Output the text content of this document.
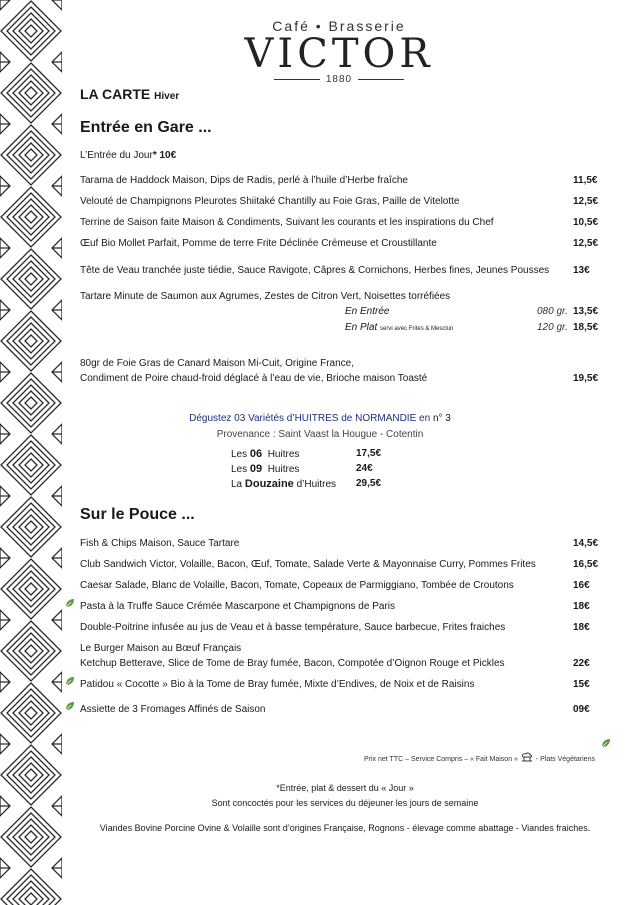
Café • Brasserie
VICTOR
1880
LA CARTE Hiver
Entrée en Gare ...
L’Entrée du Jour* 10€
Tarama de Haddock Maison, Dips de Radis, perlé à l’huile d’Herbe fraîche	11,5€
Velouté de Champignons Pleurotes Shiitaké Chantilly au Foie Gras, Paille de Vitelotte	12,5€
Terrine de Saison faite Maison & Condiments, Suivant les courants et les inspirations du Chef	10,5€
Œuf Bio Mollet Parfait, Pomme de terre Frite Déclinée Crémeuse et Croustillante	12,5€
Tête de Veau tranchée juste tiédie, Sauce Ravigote, Câpres & Cornichons, Herbes fines, Jeunes Pousses 13€
Tartare Minute de Saumon aux Agrumes, Zestes de Citron Vert, Noisettes torréfiées
En Entrée	080 gr. 13,5€
En Plat servi avec Frites & Mesclun	120 gr. 18,5€
80gr de Foie Gras de Canard Maison Mi-Cuit, Origine France,
Condiment de Poire chaud-froid déglacé à l’eau de vie, Brioche maison Toasté	19,5€
Dégustez 03 Variétés d’HUITRES de NORMANDIE en n° 3
Provenance : Saint Vaast la Hougue - Cotentin
Les 06  Huitres	17,5€
Les 09  Huitres	24€
La Douzaine d’Huitres 29,5€
Sur le Pouce ...
Fish & Chips Maison, Sauce Tartare	14,5€
Club Sandwich Victor, Volaille, Bacon, Œuf, Tomate, Salade Verte & Mayonnaise Curry, Pommes Frites	16,5€
Caesar Salade, Blanc de Volaille, Bacon, Tomate, Copeaux de Parmiggiano, Tombée de Croutons	16€
Pasta à la Truffe Sauce Crémée Mascarpone et Champignons de Paris	18€
Double-Poitrine infusée au jus de Veau et à basse température, Sauce barbecue, Frites fraiches	18€
Le Burger Maison au Bœuf Français
Ketchup Betterave, Slice de Tome de Bray fumée, Bacon, Compotée d’Oignon Rouge et Pickles	22€
Patidou « Cocotte » Bio à la Tome de Bray fumée, Mixte d’Endives, de Noix et de Raisins	15€
Assiette de 3 Fromages Affinés de Saison	09€
Prix net TTC – Service Compris – « Fait Maison »	- Plats Végétariens
*Entrée, plat & dessert du « Jour »
Sont concoctés pour les services du déjeuner les jours de semaine
Viandes Bovine Porcine Ovine & Volaille sont d’origines Française, Rognons - élevage comme abattage - Viandes fraiches.
